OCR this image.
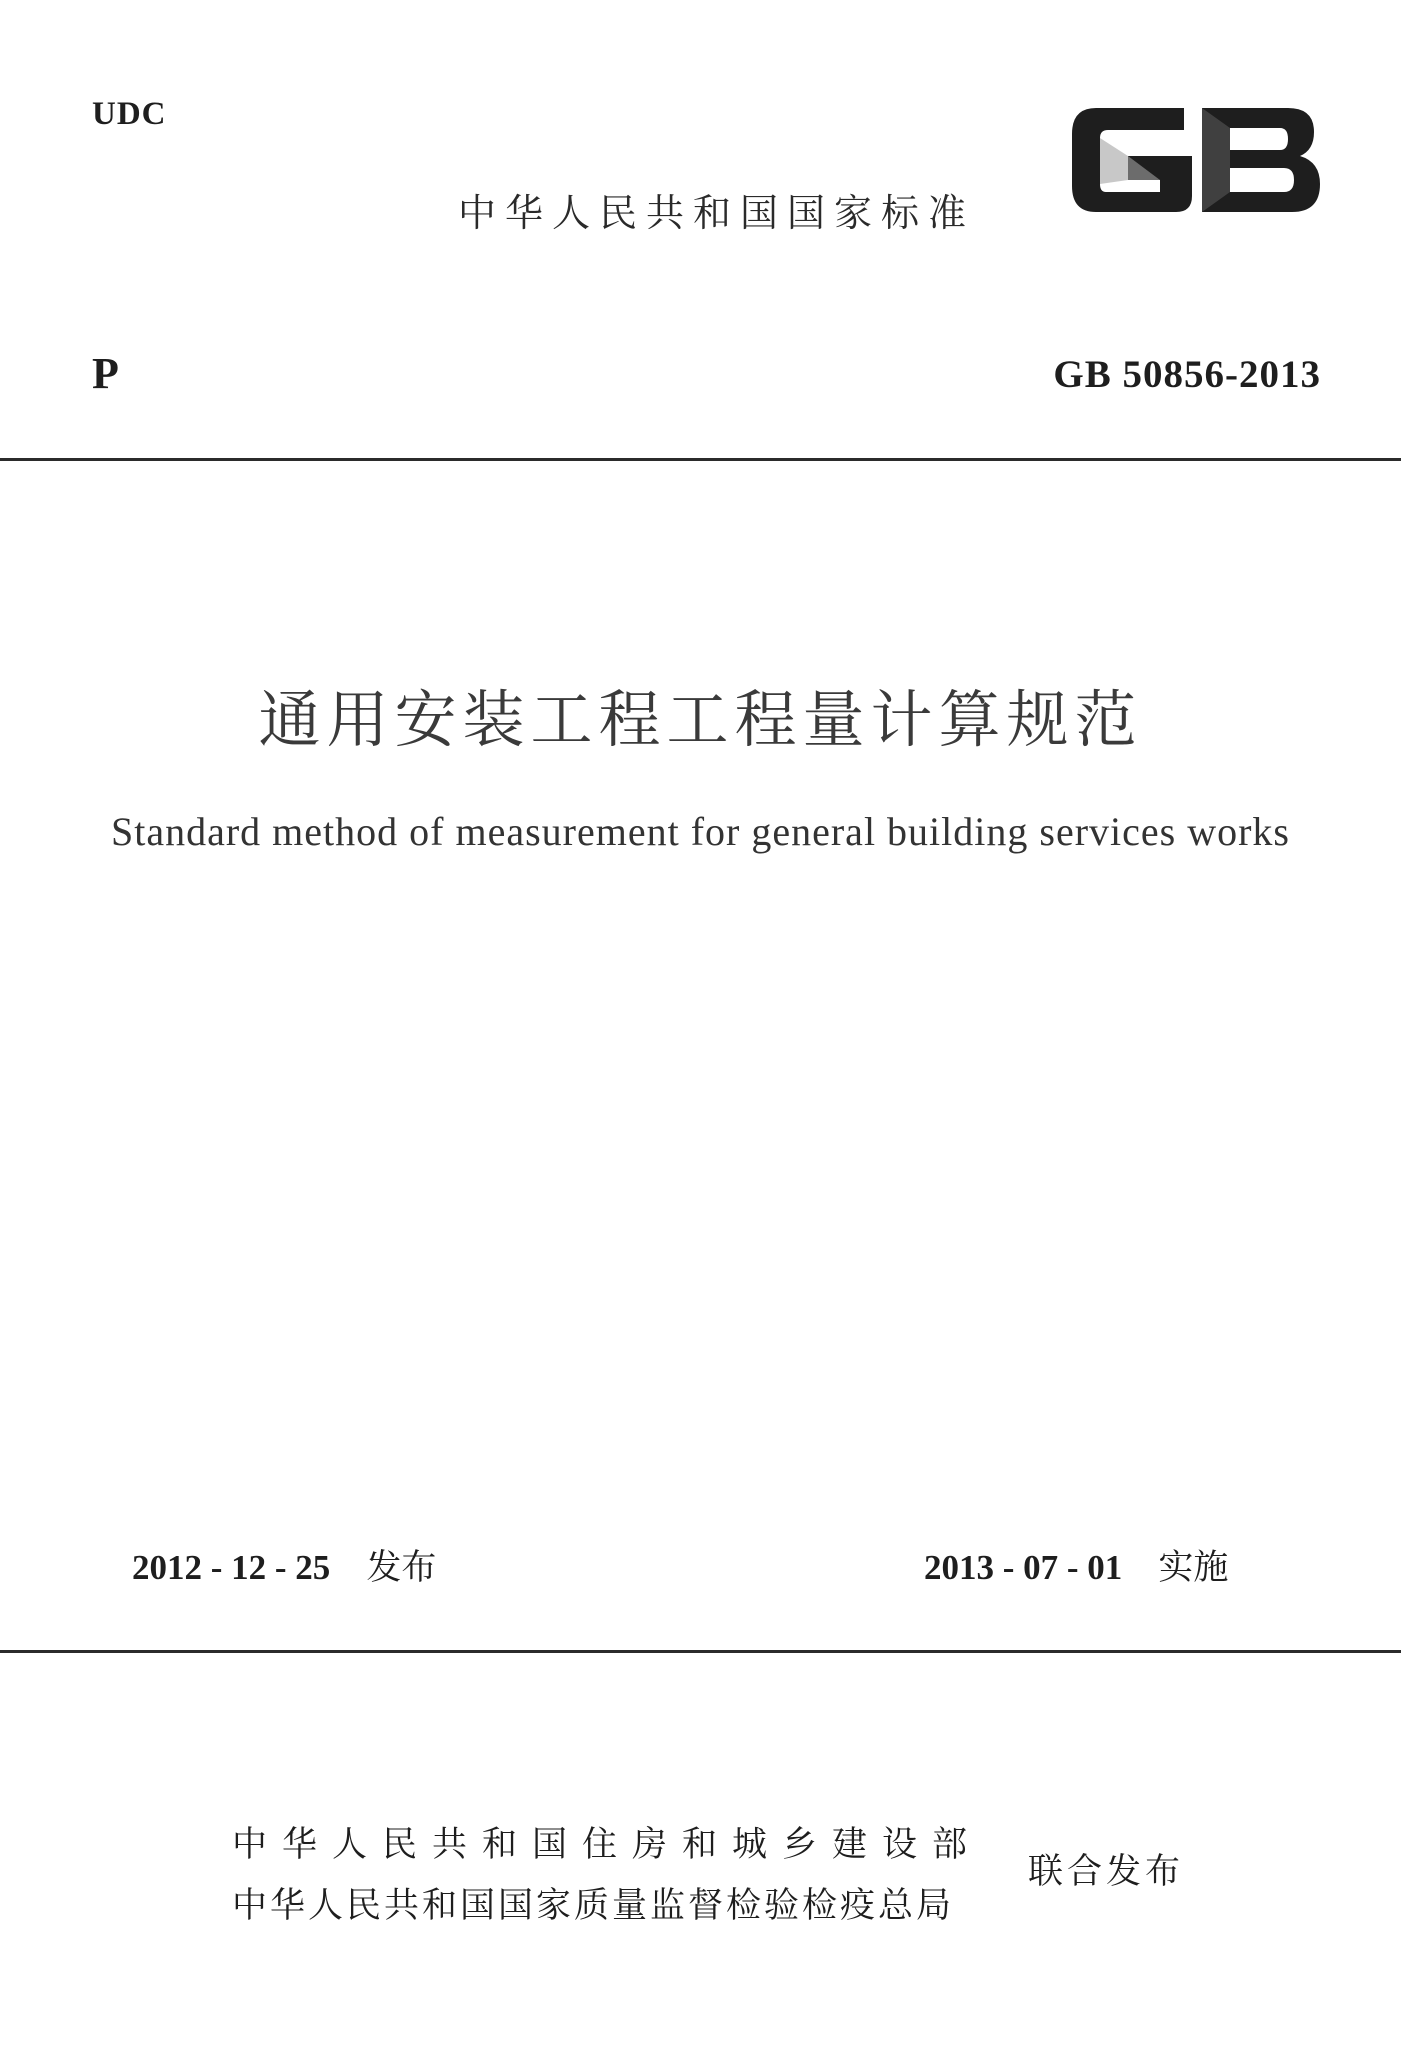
UDC
中华人民共和国国家标准
P	GB 50856-2013
通用安装工程工程量计算规范
Standard method of measurement for general building services works
2012 - 12 - 25 发布	2013 - 07 - 01 实施
中华人民共和国住房和城乡建设部
中华人民共和国国家质量监督检验检疫总局
联合发布
